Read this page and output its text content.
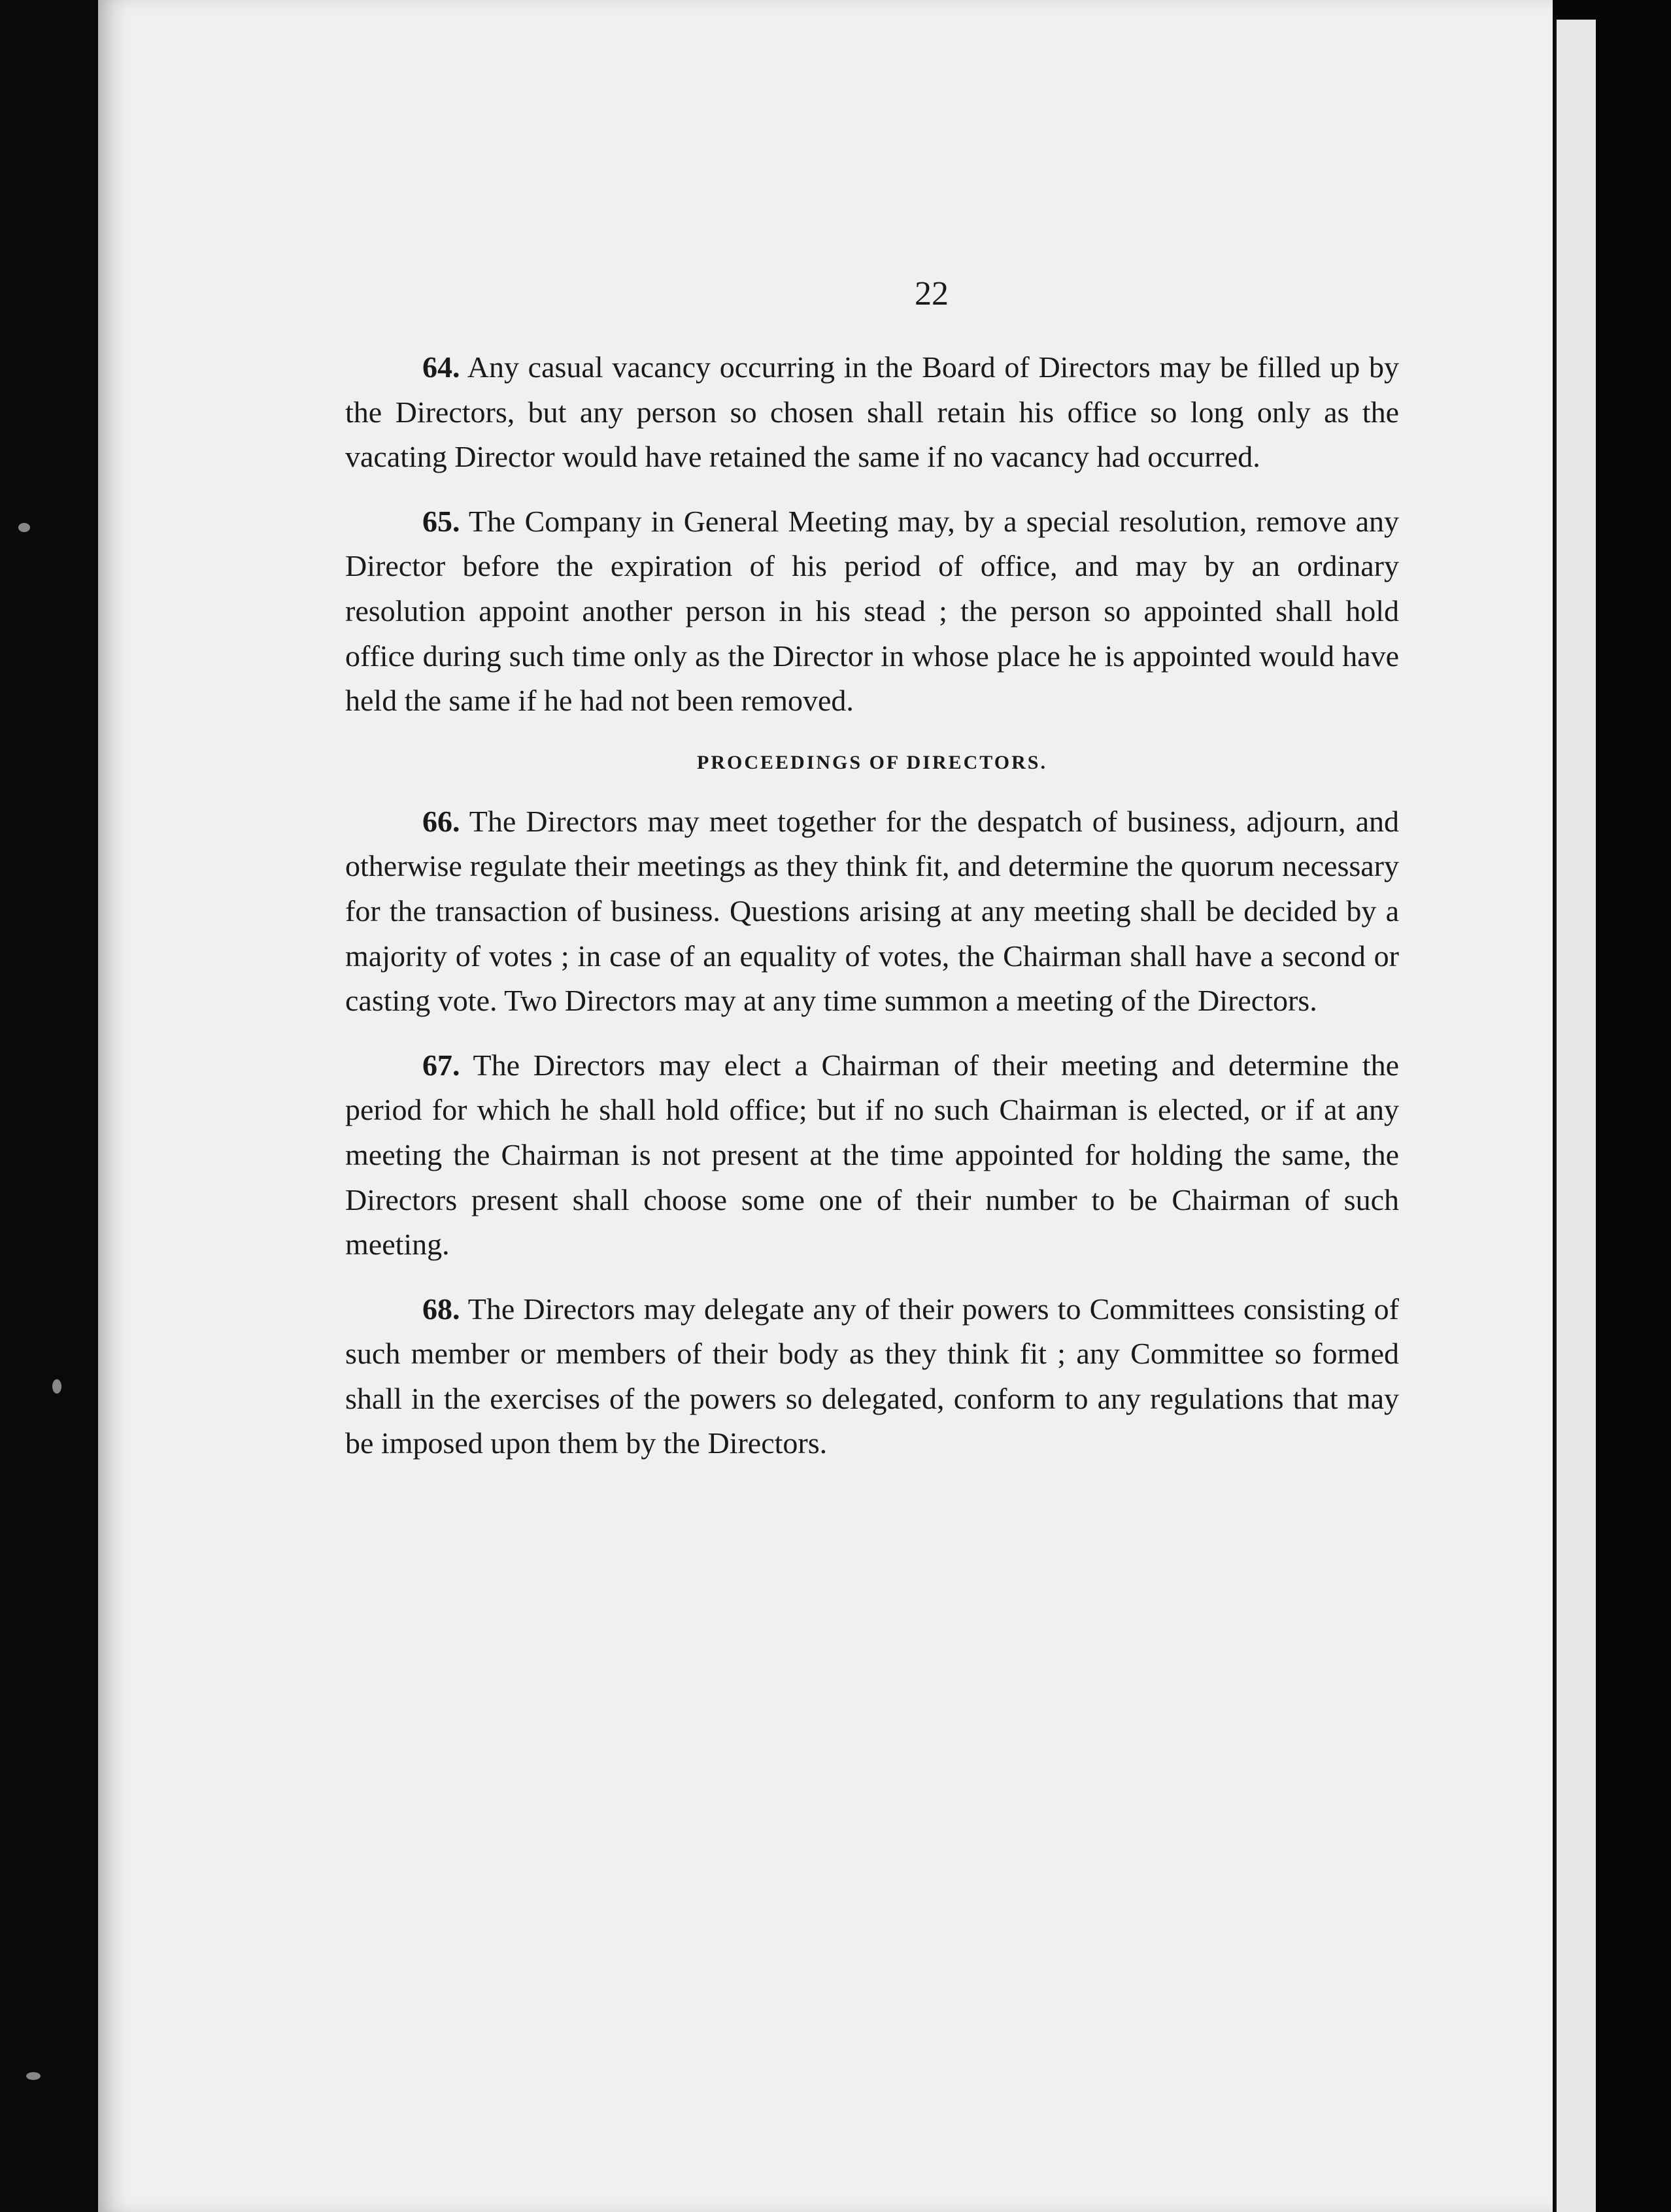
22

64. Any casual vacancy occurring in the Board of Directors may be filled up by the Directors, but any person so chosen shall retain his office so long only as the vacating Director would have retained the same if no vacancy had occurred.

65. The Company in General Meeting may, by a special resolution, remove any Director before the expiration of his period of office, and may by an ordinary resolution appoint another person in his stead ; the person so appointed shall hold office during such time only as the Director in whose place he is appointed would have held the same if he had not been removed.

PROCEEDINGS OF DIRECTORS.

66. The Directors may meet together for the despatch of business, adjourn, and otherwise regulate their meetings as they think fit, and determine the quorum necessary for the transaction of business. Questions arising at any meeting shall be decided by a majority of votes ; in case of an equality of votes, the Chairman shall have a second or casting vote. Two Directors may at any time summon a meeting of the Directors.

67. The Directors may elect a Chairman of their meeting and determine the period for which he shall hold office; but if no such Chairman is elected, or if at any meeting the Chairman is not present at the time appointed for holding the same, the Directors present shall choose some one of their number to be Chairman of such meeting.

68. The Directors may delegate any of their powers to Committees consisting of such member or members of their body as they think fit ; any Committee so formed shall in the exercises of the powers so delegated, conform to any regulations that may be imposed upon them by the Directors.
